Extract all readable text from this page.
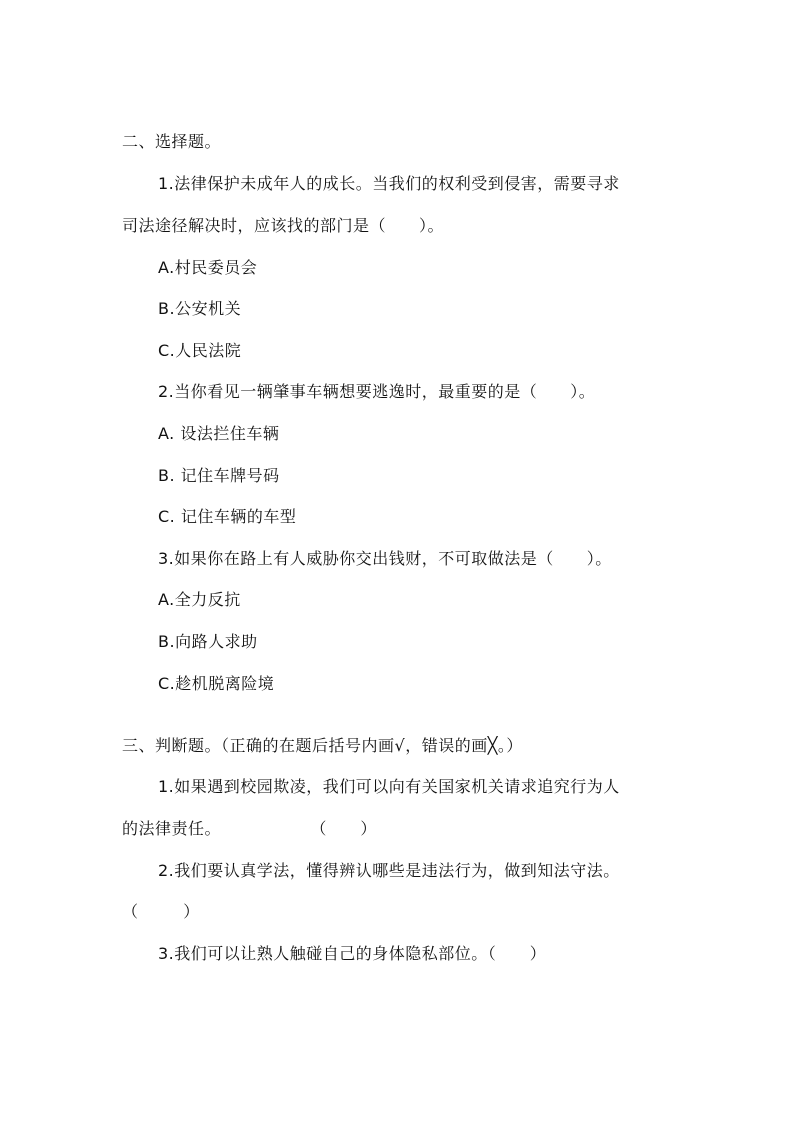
二、选择题。
1.法律保护未成年人的成长。当我们的权利受到侵害，需要寻求
司法途径解决时，应该找的部门是（　　）。
A.村民委员会
B.公安机关
C.人民法院
2.当你看见一辆肇事车辆想要逃逸时，最重要的是（　　）。
A. 设法拦住车辆
B. 记住车牌号码
C. 记住车辆的车型
3.如果你在路上有人威胁你交出钱财，不可取做法是（　　）。
A.全力反抗
B.向路人求助
C.趁机脱离险境
三、判断题。（正确的在题后括号内画√，错误的画╳。）
1.如果遇到校园欺凌，我们可以向有关国家机关请求追究行为人
的法律责任。                （      ）
2.我们要认真学法，懂得辨认哪些是违法行为，做到知法守法。
（        ）
3.我们可以让熟人触碰自己的身体隐私部位。（      ）
